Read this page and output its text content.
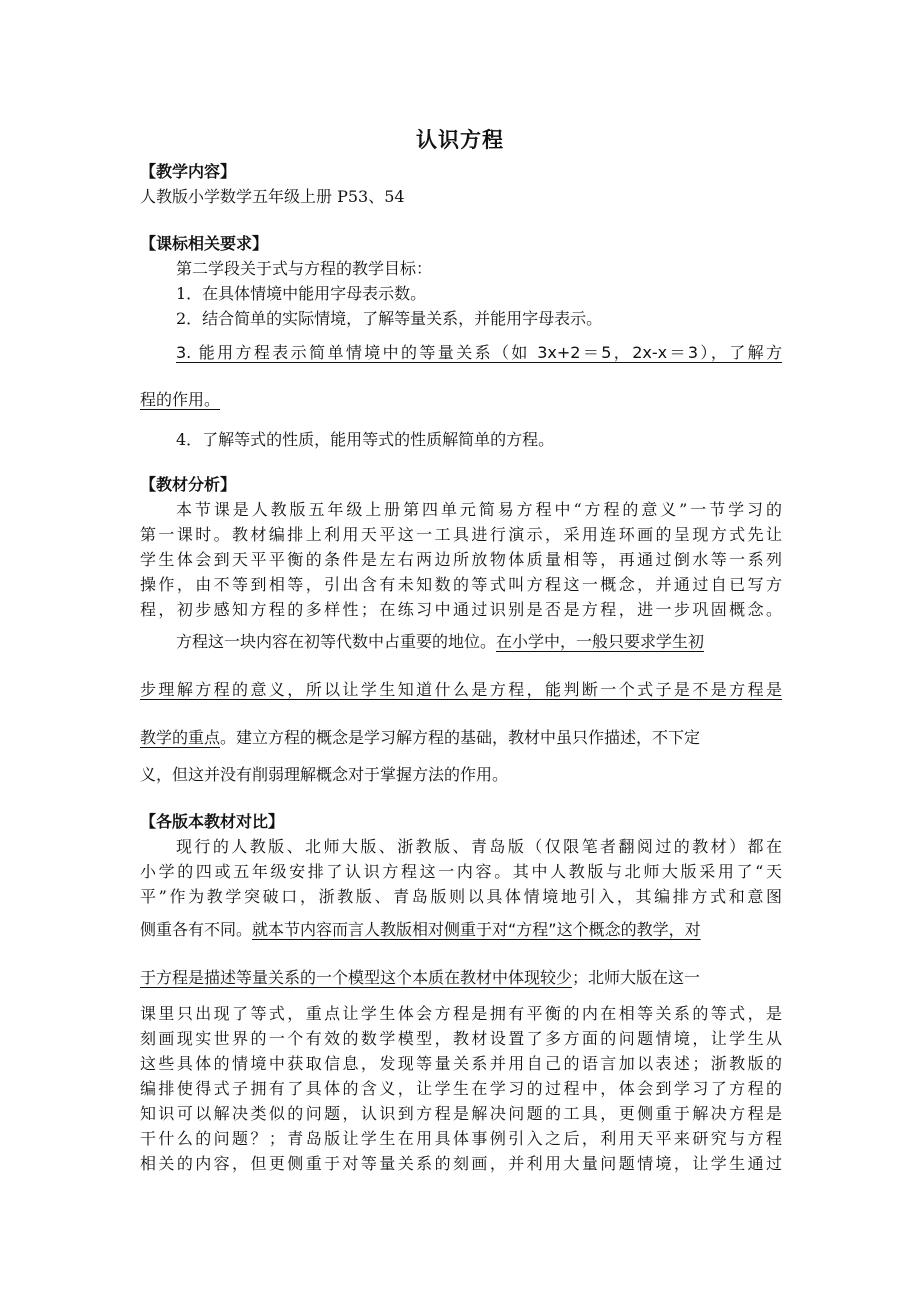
认识方程
【教学内容】
人教版小学数学五年级上册 P53、54
【课标相关要求】
第二学段关于式与方程的教学目标：
1．在具体情境中能用字母表示数。
2．结合简单的实际情境，了解等量关系，并能用字母表示。
3. 能用方程表示简单情境中的等量关系（如 3x+2＝5，2x-x＝3），了解方
程的作用。
4．了解等式的性质，能用等式的性质解简单的方程。
【教材分析】
本节课是人教版五年级上册第四单元简易方程中“方程的意义”一节学习的
第一课时。教材编排上利用天平这一工具进行演示，采用连环画的呈现方式先让
学生体会到天平平衡的条件是左右两边所放物体质量相等，再通过倒水等一系列
操作，由不等到相等，引出含有未知数的等式叫方程这一概念，并通过自已写方
程，初步感知方程的多样性；在练习中通过识别是否是方程，进一步巩固概念。
方程这一块内容在初等代数中占重要的地位。在小学中，一般只要求学生初
步理解方程的意义，所以让学生知道什么是方程，能判断一个式子是不是方程是
教学的重点。建立方程的概念是学习解方程的基础，教材中虽只作描述，不下定
义，但这并没有削弱理解概念对于掌握方法的作用。
【各版本教材对比】
现行的人教版、北师大版、浙教版、青岛版（仅限笔者翻阅过的教材）都在
小学的四或五年级安排了认识方程这一内容。其中人教版与北师大版采用了“天
平”作为教学突破口，浙教版、青岛版则以具体情境地引入，其编排方式和意图
侧重各有不同。就本节内容而言人教版相对侧重于对“方程”这个概念的教学，对
于方程是描述等量关系的一个模型这个本质在教材中体现较少；北师大版在这一
课里只出现了等式，重点让学生体会方程是拥有平衡的内在相等关系的等式，是
刻画现实世界的一个有效的数学模型，教材设置了多方面的问题情境，让学生从
这些具体的情境中获取信息，发现等量关系并用自己的语言加以表述；浙教版的
编排使得式子拥有了具体的含义，让学生在学习的过程中，体会到学习了方程的
知识可以解决类似的问题，认识到方程是解决问题的工具，更侧重于解决方程是
干什么的问题？；青岛版让学生在用具体事例引入之后，利用天平来研究与方程
相关的内容，但更侧重于对等量关系的刻画，并利用大量问题情境，让学生通过
